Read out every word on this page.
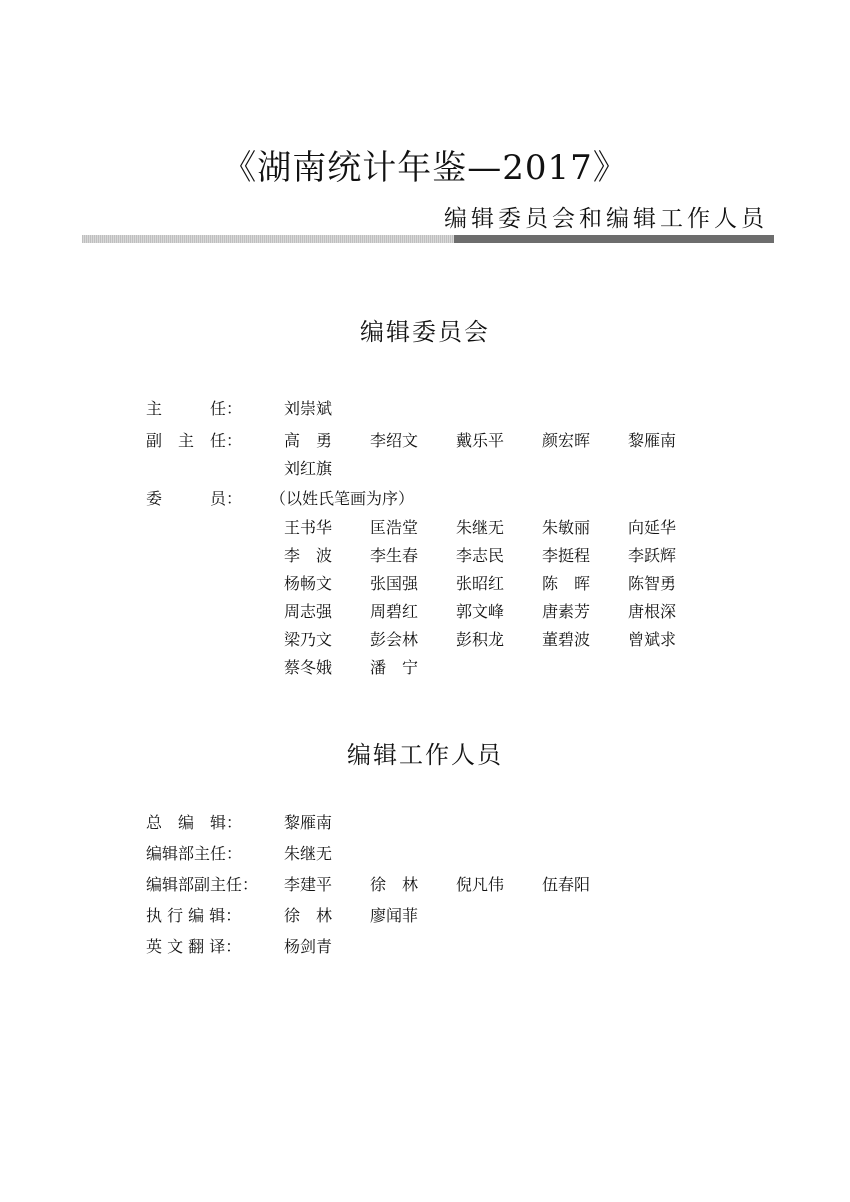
《湖南统计年鉴—2017》
编辑委员会和编辑工作人员
编辑委员会
主　　　任：	刘崇斌
副　主　任：	高　勇 李绍文 戴乐平 颜宏晖 黎雁南
刘红旗
委　　　员：	（以姓氏笔画为序）
王书华 匡浩堂 朱继无 朱敏丽 向延华
李　波 李生春 李志民 李挺程 李跃辉
杨畅文 张国强 张昭红 陈　晖 陈智勇
周志强 周碧红 郭文峰 唐素芳 唐根深
梁乃文 彭会林 彭积龙 董碧波 曾斌求
蔡冬娥 潘　宁
编辑工作人员
总　编　辑：	黎雁南
编辑部主任：	朱继无
编辑部副主任：	李建平 徐　林 倪凡伟 伍春阳
执 行 编 辑：	徐　林 廖闻菲
英 文 翻 译：	杨剑青
